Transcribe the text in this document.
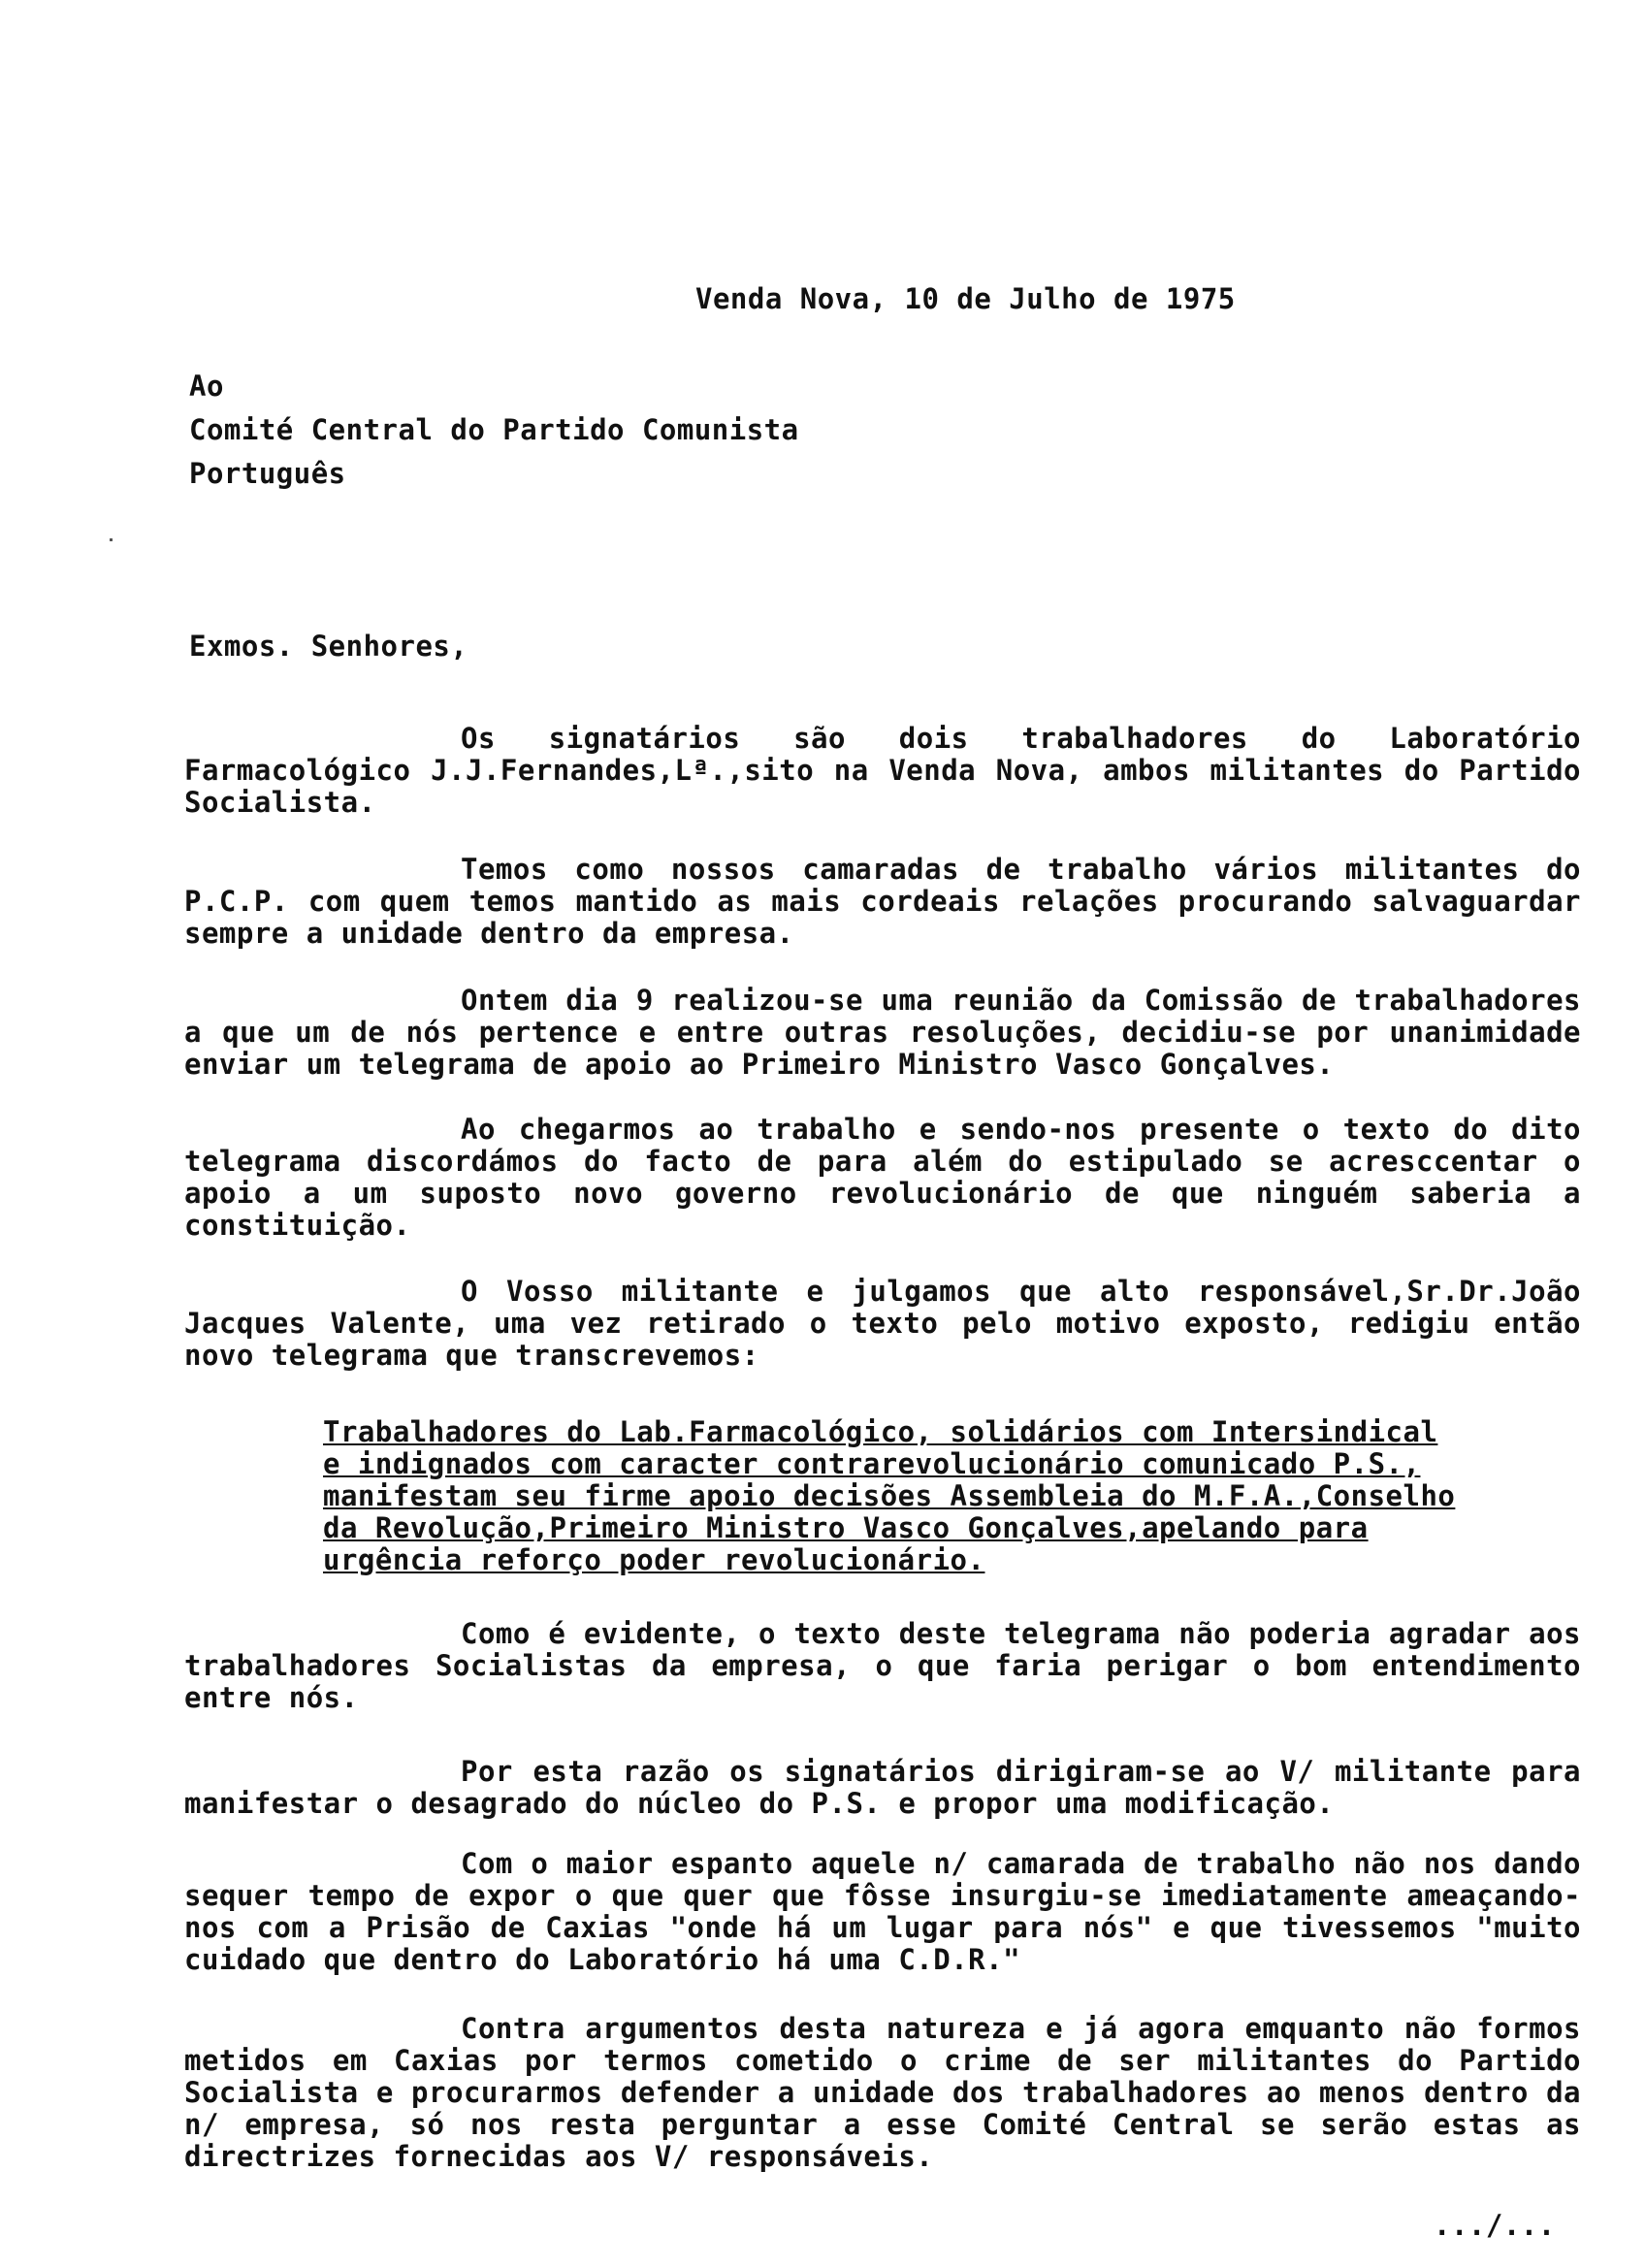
Venda Nova, 10 de Julho de 1975
Ao
Comité Central do Partido Comunista
Português
Exmos. Senhores,
Os signatários são dois trabalhadores do Laboratório Farmacológico J.J.Fernandes,Lª.,sito na Venda Nova, ambos militantes do Partido Socialista.
Temos como nossos camaradas de trabalho vários militantes do P.C.P. com quem temos mantido as mais cordeais relações procurando salvaguardar sempre a unidade dentro da empresa.
Ontem dia 9 realizou-se uma reunião da Comissão de trabalhadores a que um de nós pertence e entre outras resoluções, decidiu-se por unanimidade enviar um telegrama de apoio ao Primeiro Ministro Vasco Gonçalves.
Ao chegarmos ao trabalho e sendo-nos presente o texto do dito telegrama discordámos do facto de para além do estipulado se acresccentar o apoio a um suposto novo governo revolucionário de que ninguém saberia a constituição.
O Vosso militante e julgamos que alto responsável,Sr.Dr.João Jacques Valente, uma vez retirado o texto pelo motivo exposto, redigiu então novo telegrama que transcrevemos:
Trabalhadores do Lab.Farmacológico, solidários com Intersindical e indignados com caracter contrarevolucionário comunicado P.S., manifestam seu firme apoio decisões Assembleia do M.F.A.,Conselho da Revolução,Primeiro Ministro Vasco Gonçalves,apelando para urgência reforço poder revolucionário.
Como é evidente, o texto deste telegrama não poderia agradar aos trabalhadores Socialistas da empresa, o que faria perigar o bom entendimento entre nós.
Por esta razão os signatários dirigiram-se ao V/ militante para manifestar o desagrado do núcleo do P.S. e propor uma modificação.
Com o maior espanto aquele n/ camarada de trabalho não nos dando sequer tempo de expor o que quer que fôsse insurgiu-se imediatamente ameaçando-nos com a Prisão de Caxias "onde há um lugar para nós" e que tivessemos "muito cuidado que dentro do Laboratório há uma C.D.R."
Contra argumentos desta natureza e já agora emquanto não formos metidos em Caxias por termos cometido o crime de ser militantes do Partido Socialista e procurarmos defender a unidade dos trabalhadores ao menos dentro da n/ empresa, só nos resta perguntar a esse Comité Central se serão estas as directrizes fornecidas aos V/ responsáveis.
.../...
